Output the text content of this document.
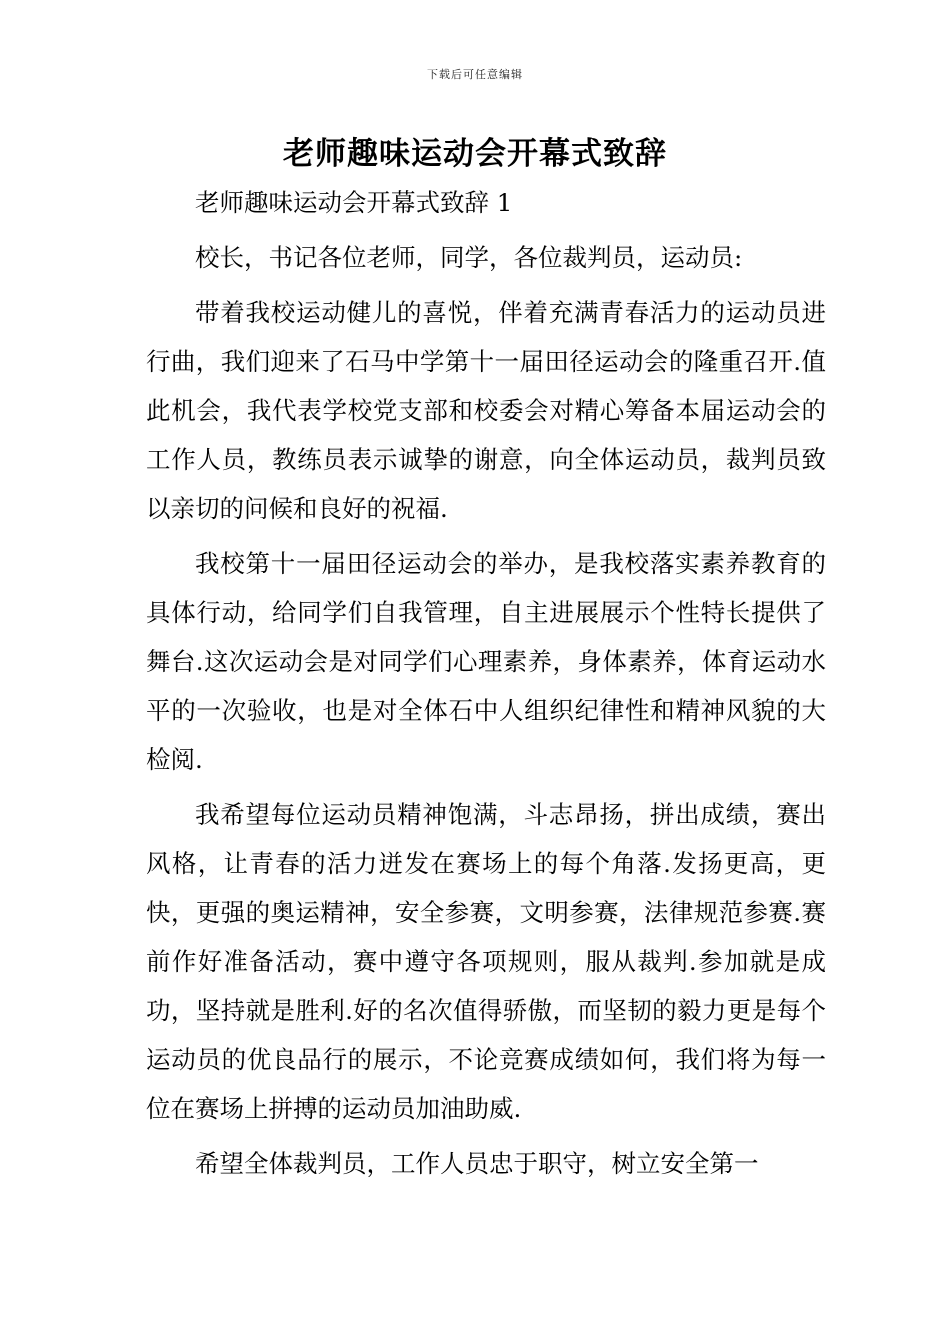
下载后可任意编辑
老师趣味运动会开幕式致辞

老师趣味运动会开幕式致辞 1

校长，书记各位老师，同学，各位裁判员，运动员:

带着我校运动健儿的喜悦，伴着充满青春活力的运动员进行曲，我们迎来了石马中学第十一届田径运动会的隆重召开.值此机会，我代表学校党支部和校委会对精心筹备本届运动会的工作人员，教练员表示诚挚的谢意，向全体运动员，裁判员致以亲切的问候和良好的祝福.

我校第十一届田径运动会的举办，是我校落实素养教育的具体行动，给同学们自我管理，自主进展展示个性特长提供了舞台.这次运动会是对同学们心理素养，身体素养，体育运动水平的一次验收，也是对全体石中人组织纪律性和精神风貌的大检阅.

我希望每位运动员精神饱满，斗志昂扬，拼出成绩，赛出风格，让青春的活力迸发在赛场上的每个角落.发扬更高，更快，更强的奥运精神，安全参赛，文明参赛，法律规范参赛.赛前作好准备活动，赛中遵守各项规则，服从裁判.参加就是成功，坚持就是胜利.好的名次值得骄傲，而坚韧的毅力更是每个运动员的优良品行的展示，不论竞赛成绩如何，我们将为每一位在赛场上拼搏的运动员加油助威.

希望全体裁判员，工作人员忠于职守，树立安全第一
